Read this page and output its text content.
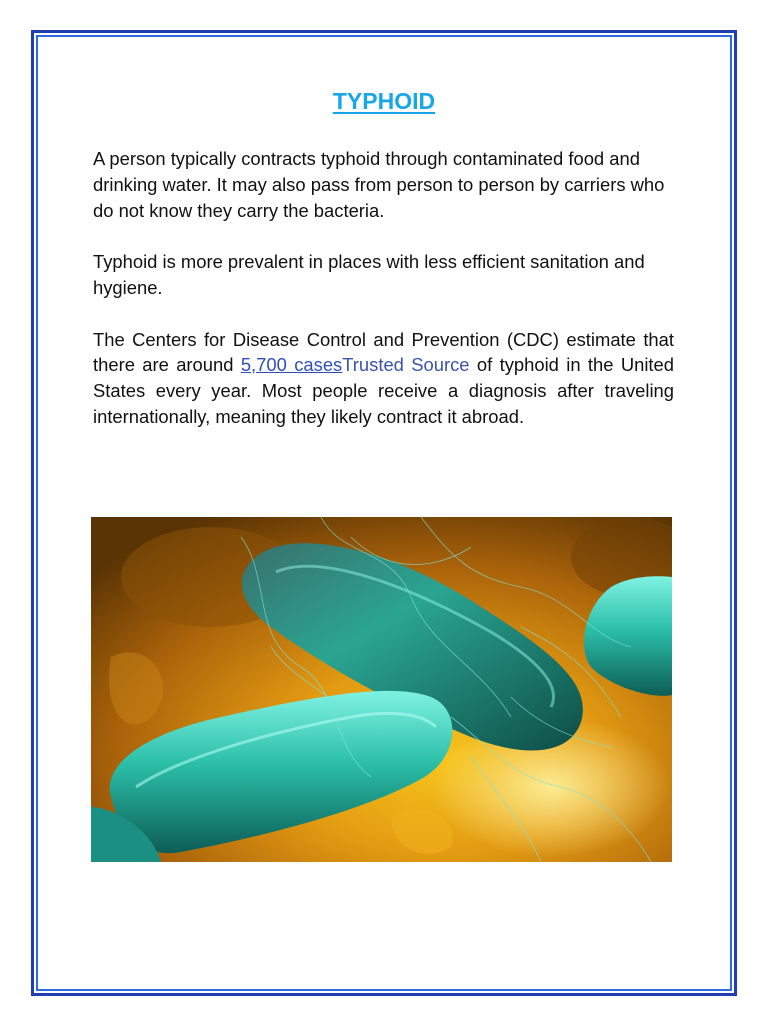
TYPHOID

A person typically contracts typhoid through contaminated food and drinking water. It may also pass from person to person by carriers who do not know they carry the bacteria.

Typhoid is more prevalent in places with less efficient sanitation and hygiene.

The Centers for Disease Control and Prevention (CDC) estimate that there are around 5,700 casesTrusted Source of typhoid in the United States every year. Most people receive a diagnosis after traveling internationally, meaning they likely contract it abroad.
